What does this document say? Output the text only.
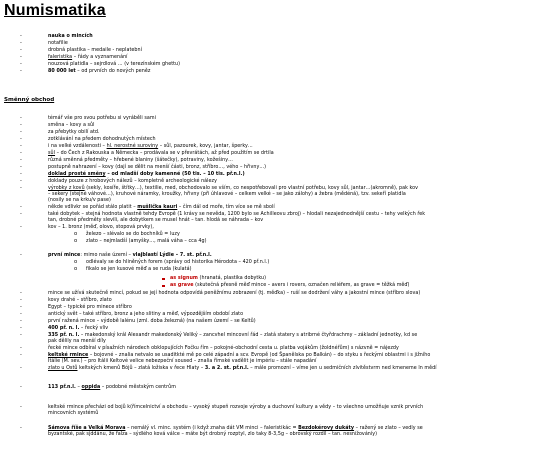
Numismatika
Směnný obchod
-	nauka o mincích
-	notafilie
-	drobná plastika – medaile - neplatební
-	faleristika – řády a vyznamenání
-	nouzová platidla – sejrdlová … (v terezínském ghettu)
-	80 000 let – od prvních do nových peněz
-	témář vše pro svou potřebu si vyráběli sami
-	směna – kovy a sůl
-	za přebytky obilí atd.
-	zotklávání na předem dohodnutých místech
-	i na velké vzdálenosti – hl. nerostné suroviny – sůl, pazourek, kovy, jantar, šperky…
-	sůl – do Čech z Rakouska a Německa – prodávala se v převrátách, až před použitím se drtila
-	různá směnná předměty – hřebené blaniny (šátečky), potraviny, kožešiny…
-	postupně nahrazení – kovy (dají se dělit na menší části, bronz, stříbro…, vého – hřivny…)
-	doklad prosté směny – od mladší doby kamenné (50 tis. – 10 tis. př.n.l.)
-	doklady pouze z hrobových nálezů – kompletně archeologické nálezy
-	výrobky z kovů (sekly, kosíře, štítky…), textilie, med, obchodovalo se vším, co nespotřebovali pro vlastní potřebu, kovy sůl, jantar…(akromně), pak kov
– sekery (stejné váhové…), kruhové náramky, kroužky, hřivny (při úhlavové – celkem velké – se jako zálohy) a žebra (mědéná), tzv. sekeří platidla
(nosily se na krku/v pase)
-	někde vdlivkr se pořád stálo platit – mušlička kauri – čím dál od moře, tím více se mě sbolí
-	také dobytek – stejná hodnota vlastně tehdy Evropě (1 krávy se nevěda, 1200 bylo se Achilleovu zbroj) – hlodali nezajednodnější cestu – tehy velkých řek
tan, drobné předměty slevili, ale dobytkem se musel hnát – tan. hlodá se náhrada – kov
-	kov – 1. bronz (měď, olovo, stopová prvky),
o železo – slévalo se do bochníků = luzy
o zlato – nejmladší (amyšky…, malá váha – cca 4g)
-	první mince: mimo naše území – vlajblastí Lýdie – 7. st. př.n.l.
o odlévaly se do hliněných forem (správy od historika Hérodota – 420 př.n.l.)
o fikalo se jen kusové měď a se ruda (kulatá)
as signum (hranatá, plastika dobytku)
as grave (skutečná přesně měď mince – avers i rovers, označen reliéfem, as grave = těžká měď)
-	mince se užívá skutečně mincí, pokud se její hodnota odpovídá peněžnímu zobrazení (tj. měďka) – ruší se dodržení váhy a jakostní mince (stříbro slova)
-	kovy drahé – stříbro, zlato
-	Egypt – typické pro minece stříbro
-	antický svět – také stříbro, bronz a jeho slitiny a měď, výpozdějším období zlato
-	první ražená mince – výdobě lalénu (zml. doba železná) (na našem území – se Keltů)
-	400 př. n. l. – řecký vliv
-	335 př. n. l. – makedonský král Alexandr makedonský Veliký – zancvhel mincovní řád – zlatá statery s atribrné čtyřdrachmy – základní jednotky, kd se
pak dělily na menší díly
-	řecké mince odbíral v písažních národech obklopujících Fočku řím – pokojné-obchodní cesta u. platba vojákům (žoldnéřům) s názvně = nájezdy
-	keltské rmince – bojovné – znalia netvalo se usaditkté mě po celé západní a scv. Evropě (od Španělska po Balkán) – do styku s řeckými oblastmi i s jižního
Itálie (M. sev.) – pro Itálii Keltové velice nebezpeční soused – znalia římské vadělit je impériu – stále napadání
-	zlato u Ostů keltských kmenů Bójů – zlatá ložiska v řece Hlaty – 3. a 2. st. př.n.l. – mále promozní – víme jen u sedmičních zlvitěstvrm ned kmeneme ln mědí
-	113 př.n.l. – oppida – podobné městským centrům
-	keltské rmince přecházi od bojů k(římcelnictví a obchodu – vysoký stupeň rozvoje výroby a duchovní kultury a vědy – to všechno umožňuje vznik prvních
mincovních systémů
-	Sámova říše a Velká Morava – nemálý vl. minc. systém (i když znaha dát VM minci – faleristikác = Bezdokérovy dukáty – ražený se zlato – vedly se
byzantské, pak sjddánu, že falza – sýdlého ková válce – máte být drobný rozptyl, zlo taky 8-3,5g – obrovský rozdíl – tan. nesnížováníy)
